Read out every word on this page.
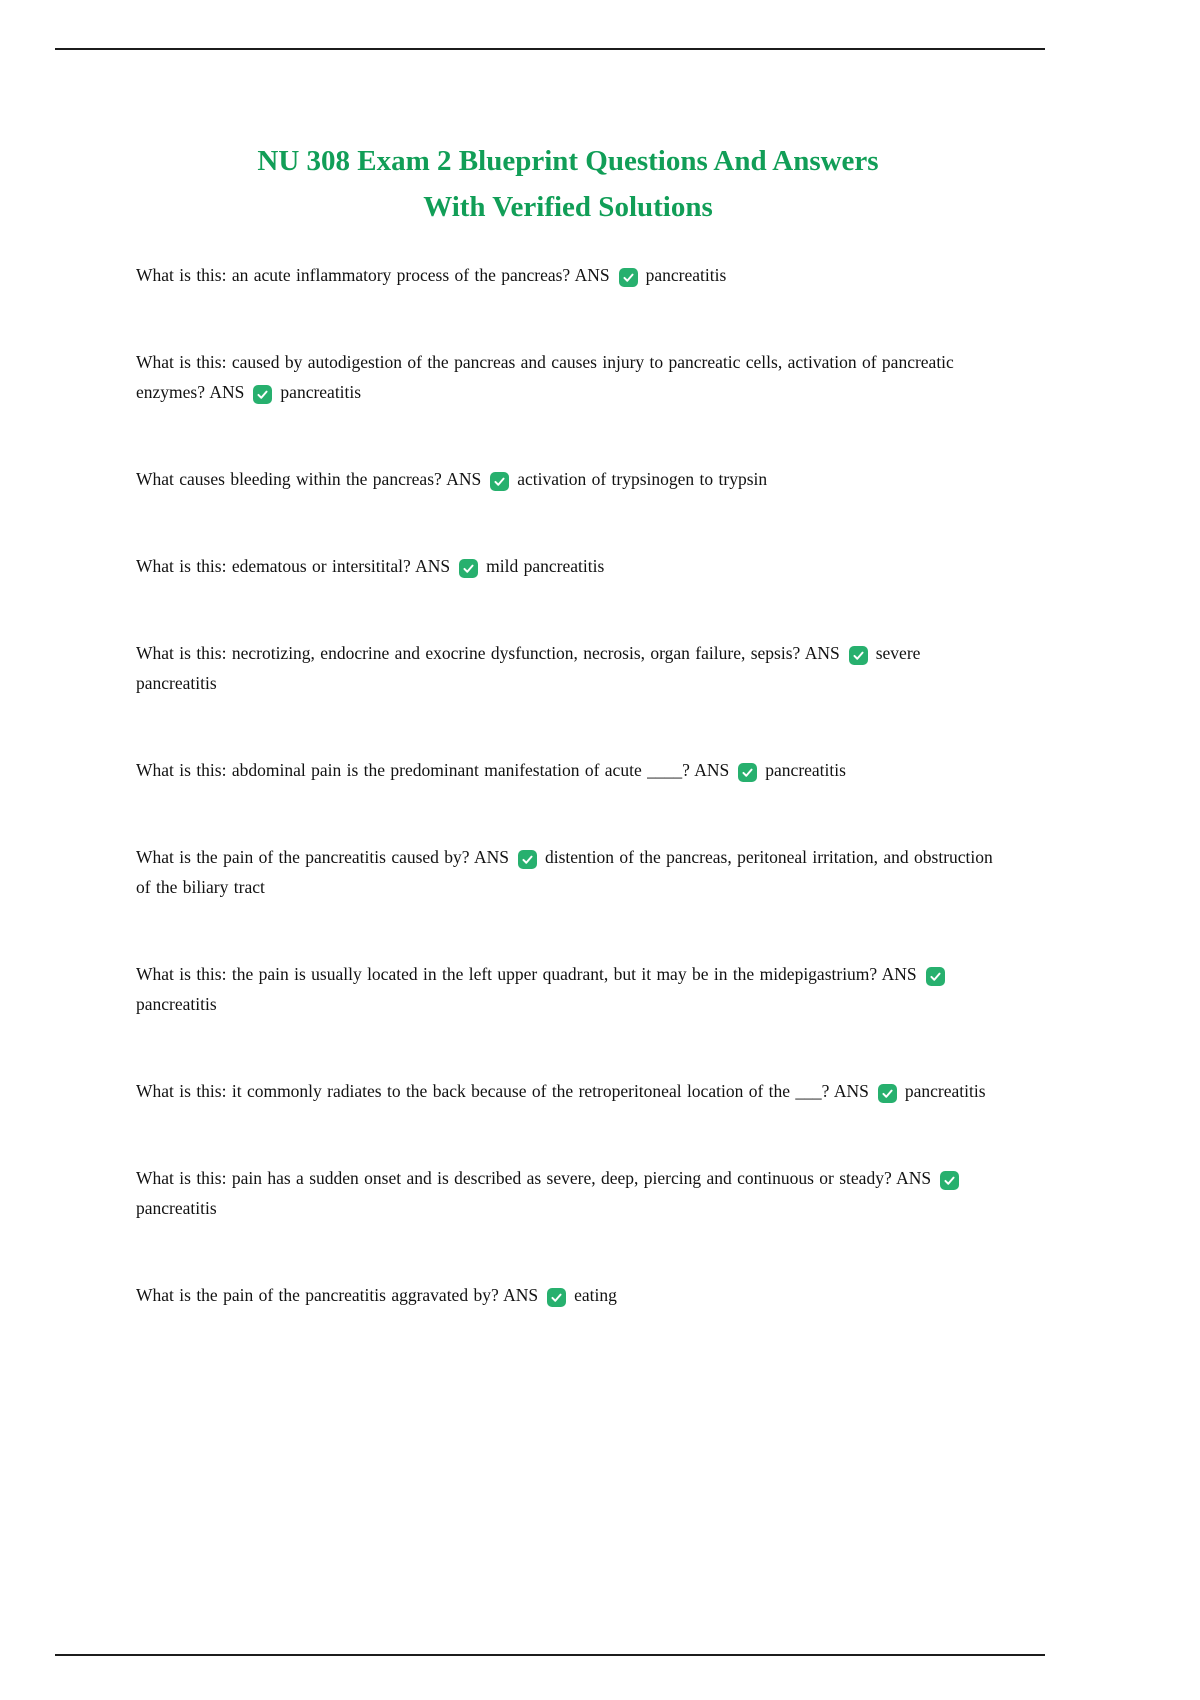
NU 308 Exam 2 Blueprint Questions And Answers
With Verified Solutions

What is this: an acute inflammatory process of the pancreas? ANS pancreatitis

What is this: caused by autodigestion of the pancreas and causes injury to pancreatic cells, activation of pancreatic enzymes? ANS pancreatitis

What causes bleeding within the pancreas? ANS activation of trypsinogen to trypsin

What is this: edematous or intersitital? ANS mild pancreatitis

What is this: necrotizing, endocrine and exocrine dysfunction, necrosis, organ failure, sepsis? ANS severe pancreatitis

What is this: abdominal pain is the predominant manifestation of acute ____? ANS pancreatitis

What is the pain of the pancreatitis caused by? ANS distention of the pancreas, peritoneal irritation, and obstruction of the biliary tract

What is this: the pain is usually located in the left upper quadrant, but it may be in the midepigastrium? ANS
pancreatitis

What is this: it commonly radiates to the back because of the retroperitoneal location of the ___? ANS pancreatitis

What is this: pain has a sudden onset and is described as severe, deep, piercing and continuous or steady? ANS
pancreatitis

What is the pain of the pancreatitis aggravated by? ANS eating
